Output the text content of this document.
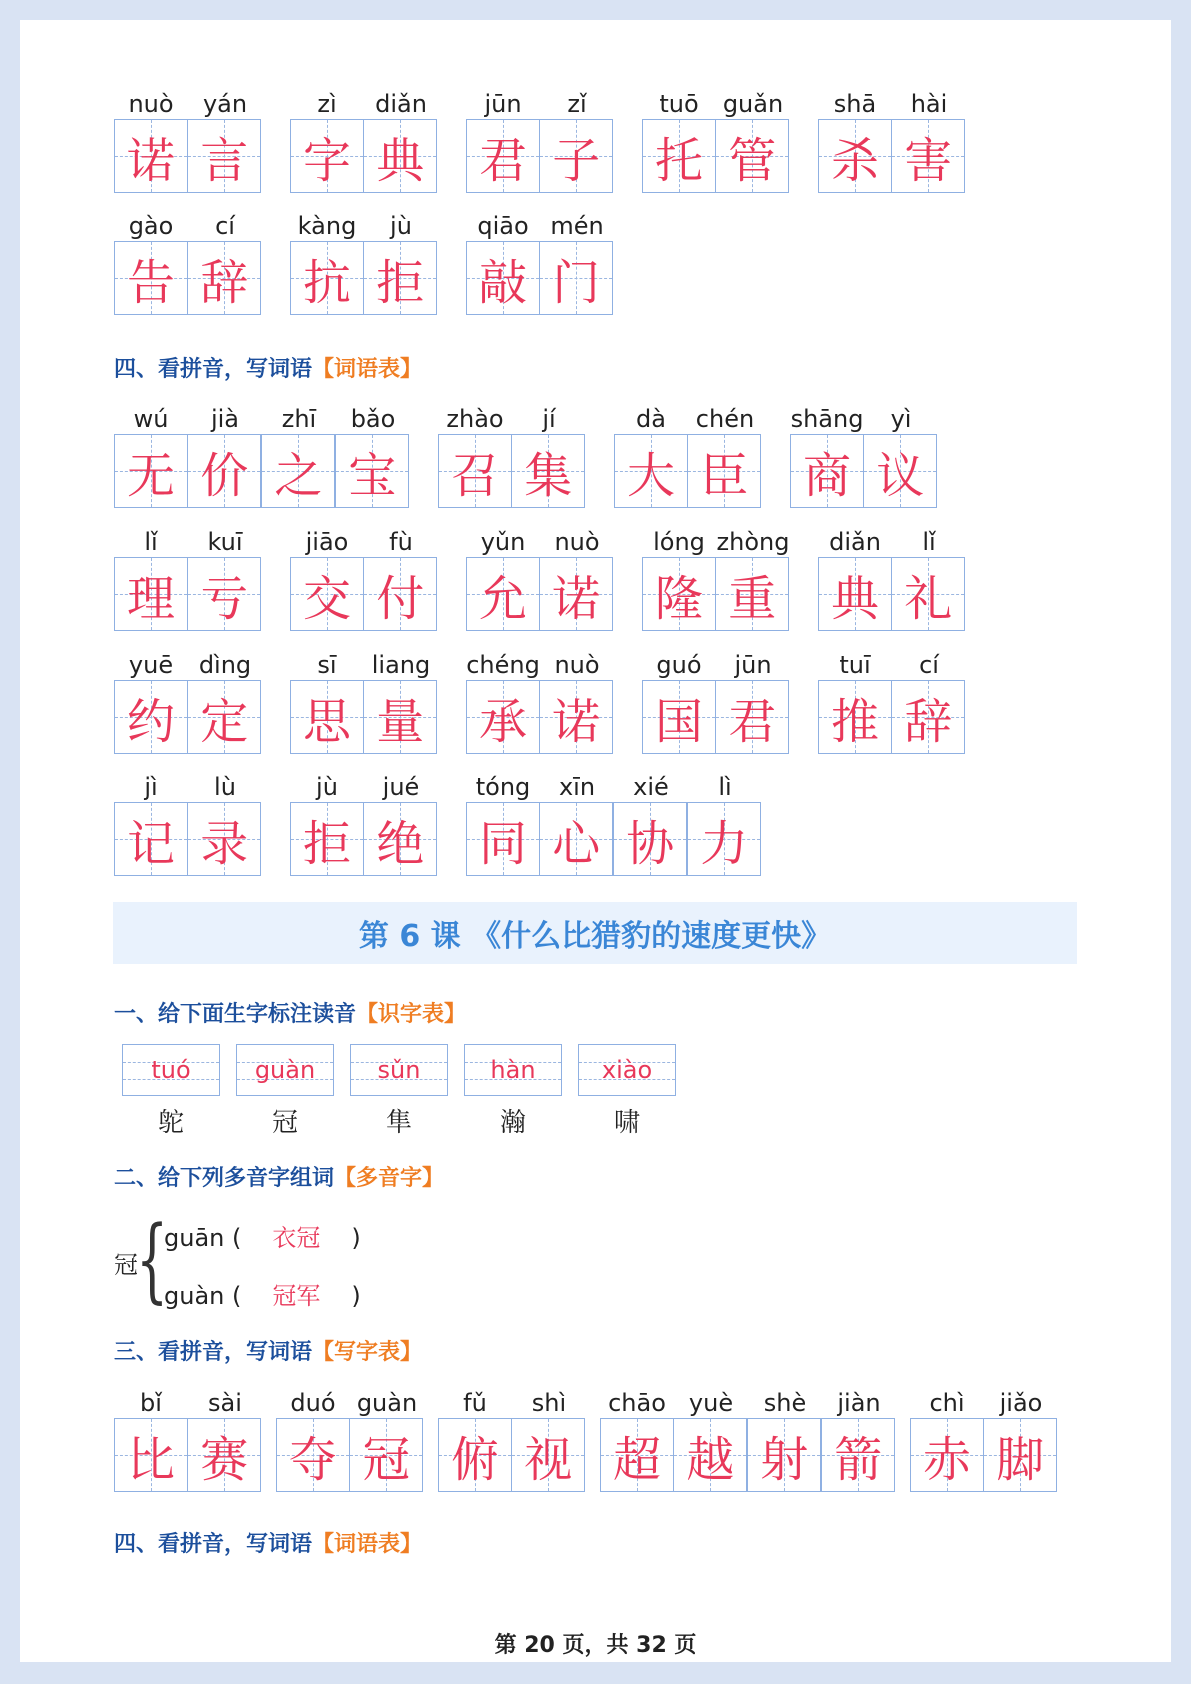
nuò
诺
yán
言
zì
字
diǎn
典
jūn
君
zǐ
子
tuō
托
guǎn
管
shā
杀
hài
害
gào
告
cí
辞
kàng
抗
jù
拒
qiāo
敲
mén
门
四、看拼音，写词语【词语表】
wú
无
jià
价
zhī
之
bǎo
宝
zhào
召
jí
集
dà
大
chén
臣
shāng
商
yì
议
lǐ
理
kuī
亏
jiāo
交
fù
付
yǔn
允
nuò
诺
lóng
隆
zhòng
重
diǎn
典
lǐ
礼
yuē
约
dìng
定
sī
思
liang
量
chéng
承
nuò
诺
guó
国
jūn
君
tuī
推
cí
辞
jì
记
lù
录
jù
拒
jué
绝
tóng
同
xīn
心
xié
协
lì
力
第 6 课 《什么比猎豹的速度更快》
一、给下面生字标注读音【识字表】
tuó
鸵
guàn
冠
sǔn
隼
hàn
瀚
xiào
啸
二、给下列多音字组词【多音字】
冠
{
guān ( 衣冠 )
guàn ( 冠军 )
三、看拼音，写词语【写字表】
bǐ
比
sài
赛
duó
夺
guàn
冠
fǔ
俯
shì
视
chāo
超
yuè
越
shè
射
jiàn
箭
chì
赤
jiǎo
脚
四、看拼音，写词语【词语表】
第 20 页，共 32 页
